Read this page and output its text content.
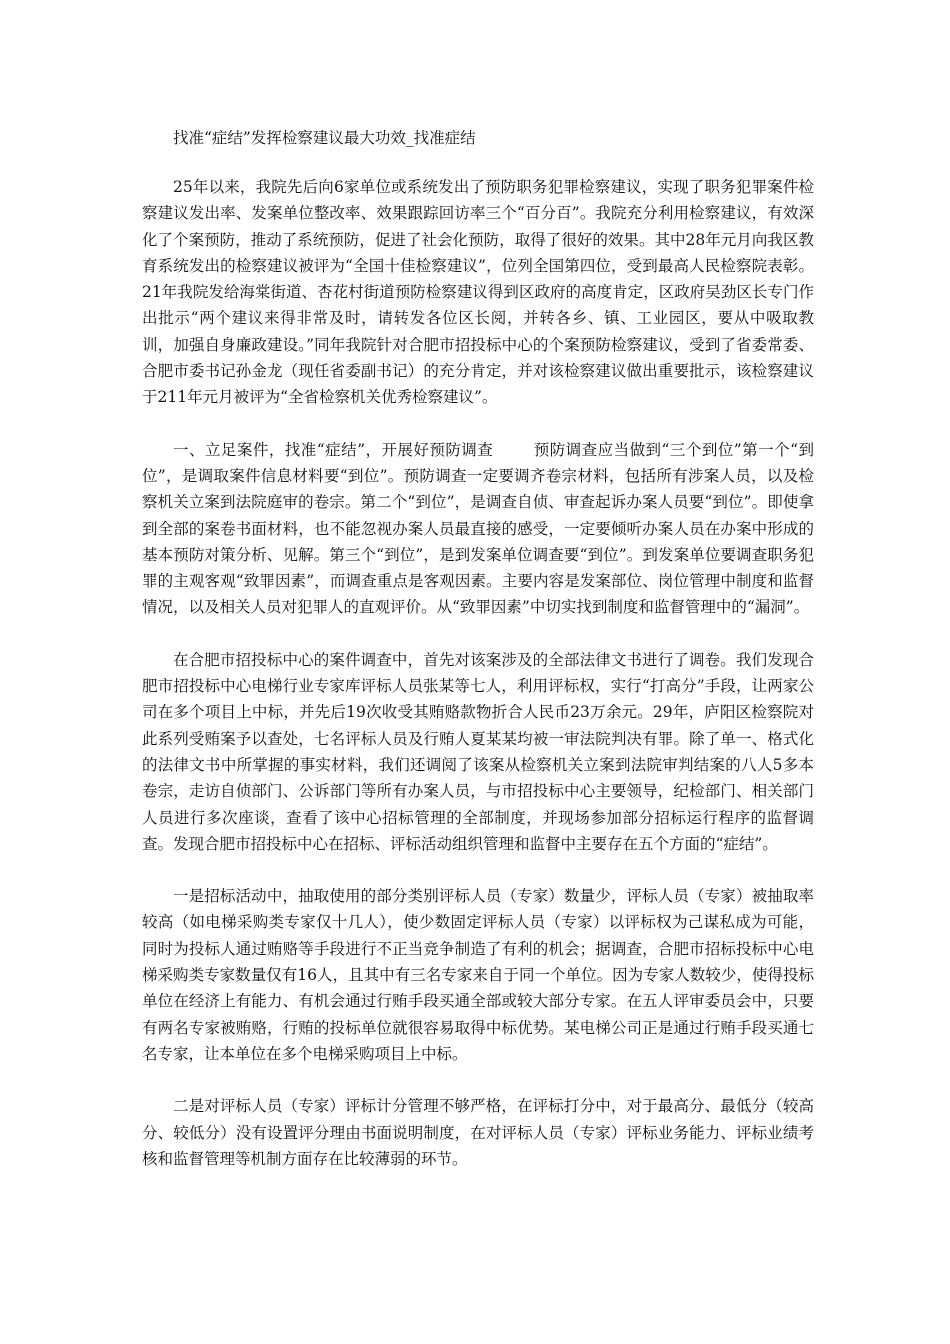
找准“症结”发挥检察建议最大功效_找准症结

25年以来，我院先后向6家单位或系统发出了预防职务犯罪检察建议，实现了职务犯罪案件检察建议发出率、发案单位整改率、效果跟踪回访率三个“百分百”。我院充分利用检察建议，有效深化了个案预防，推动了系统预防，促进了社会化预防，取得了很好的效果。其中28年元月向我区教育系统发出的检察建议被评为“全国十佳检察建议”，位列全国第四位，受到最高人民检察院表彰。21年我院发给海棠街道、杏花村街道预防检察建议得到区政府的高度肯定，区政府吴劲区长专门作出批示“两个建议来得非常及时，请转发各位区长阅，并转各乡、镇、工业园区，要从中吸取教训，加强自身廉政建设。”同年我院针对合肥市招投标中心的个案预防检察建议，受到了省委常委、合肥市委书记孙金龙（现任省委副书记）的充分肯定，并对该检察建议做出重要批示，该检察建议于211年元月被评为“全省检察机关优秀检察建议”。

一、立足案件，找准“症结”，开展好预防调查	预防调查应当做到“三个到位”第一个“到位”，是调取案件信息材料要“到位”。预防调查一定要调齐卷宗材料，包括所有涉案人员，以及检察机关立案到法院庭审的卷宗。第二个“到位”，是调查自侦、审查起诉办案人员要“到位”。即使拿到全部的案卷书面材料，也不能忽视办案人员最直接的感受，一定要倾听办案人员在办案中形成的基本预防对策分析、见解。第三个“到位”，是到发案单位调查要“到位”。到发案单位要调查职务犯罪的主观客观“致罪因素”，而调查重点是客观因素。主要内容是发案部位、岗位管理中制度和监督情况，以及相关人员对犯罪人的直观评价。从“致罪因素”中切实找到制度和监督管理中的“漏洞”。

在合肥市招投标中心的案件调查中，首先对该案涉及的全部法律文书进行了调卷。我们发现合肥市招投标中心电梯行业专家库评标人员张某等七人，利用评标权，实行“打高分”手段，让两家公司在多个项目上中标，并先后19次收受其贿赂款物折合人民币23万余元。29年，庐阳区检察院对此系列受贿案予以查处，七名评标人员及行贿人夏某某均被一审法院判决有罪。除了单一、格式化的法律文书中所掌握的事实材料，我们还调阅了该案从检察机关立案到法院审判结案的八人5多本卷宗，走访自侦部门、公诉部门等所有办案人员，与市招投标中心主要领导，纪检部门、相关部门人员进行多次座谈，查看了该中心招标管理的全部制度，并现场参加部分招标运行程序的监督调查。发现合肥市招投标中心在招标、评标活动组织管理和监督中主要存在五个方面的“症结”。

一是招标活动中，抽取使用的部分类别评标人员（专家）数量少，评标人员（专家）被抽取率较高（如电梯采购类专家仅十几人），使少数固定评标人员（专家）以评标权为己谋私成为可能，同时为投标人通过贿赂等手段进行不正当竞争制造了有利的机会；据调查，合肥市招标投标中心电梯采购类专家数量仅有16人，且其中有三名专家来自于同一个单位。因为专家人数较少，使得投标单位在经济上有能力、有机会通过行贿手段买通全部或较大部分专家。在五人评审委员会中，只要有两名专家被贿赂，行贿的投标单位就很容易取得中标优势。某电梯公司正是通过行贿手段买通七名专家，让本单位在多个电梯采购项目上中标。

二是对评标人员（专家）评标计分管理不够严格，在评标打分中，对于最高分、最低分（较高分、较低分）没有设置评分理由书面说明制度，在对评标人员（专家）评标业务能力、评标业绩考核和监督管理等机制方面存在比较薄弱的环节。
